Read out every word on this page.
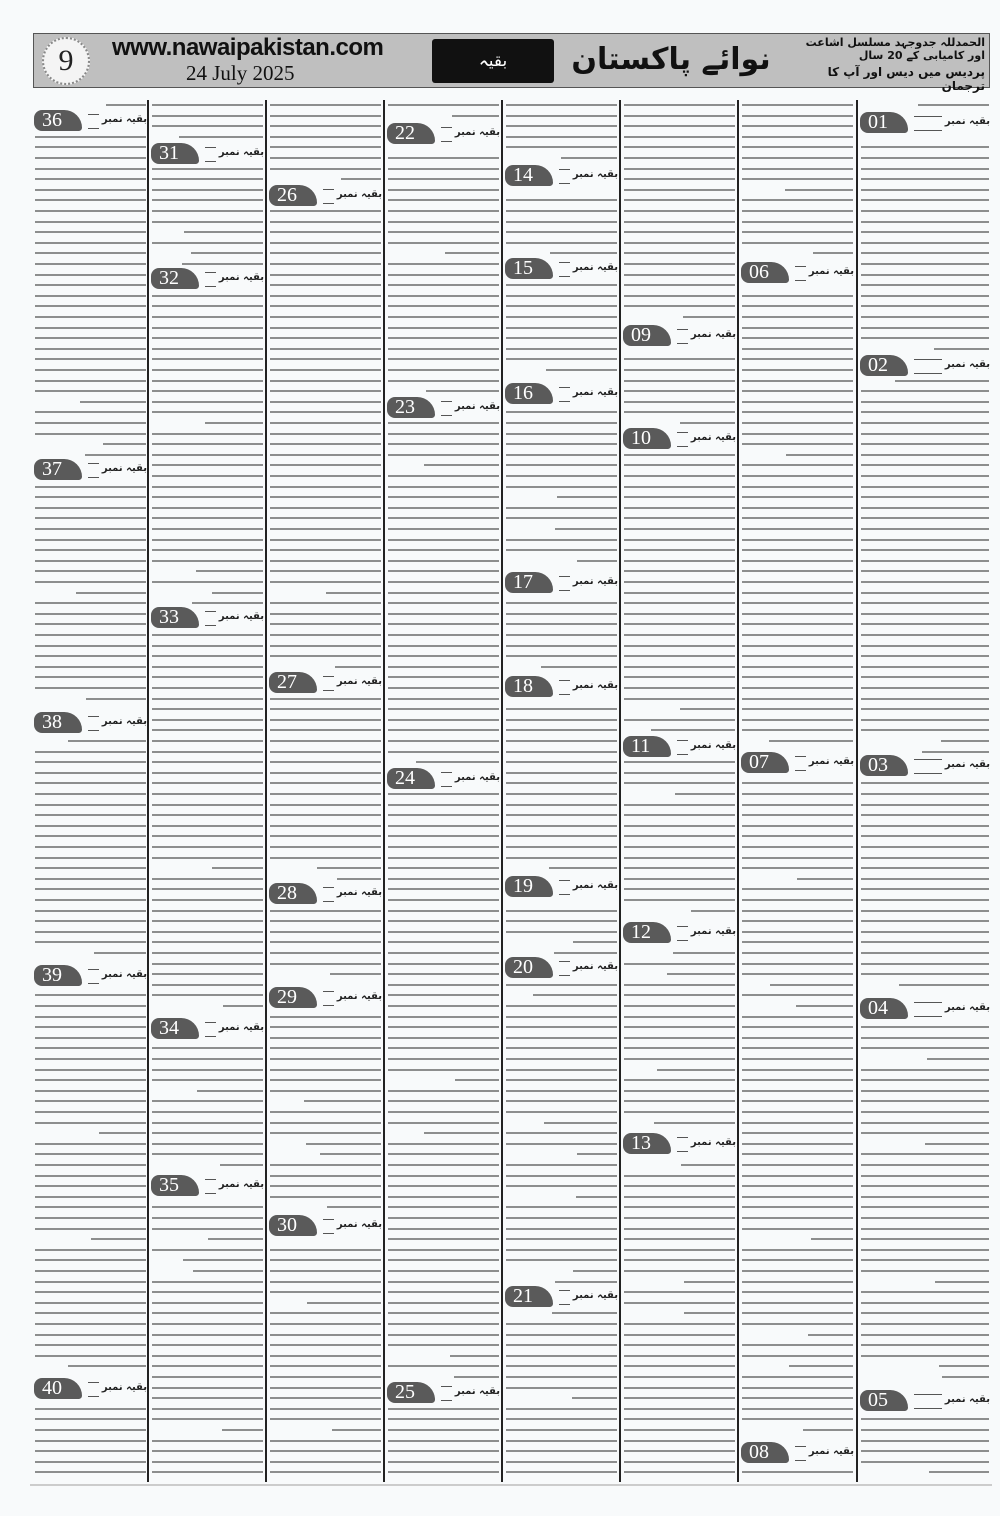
9	www.nawaipakistan.com
24 July 2025	بقیہ	نوائے پاکستان	الحمدللہ جدوجہد مسلسل اشاعت اور کامیابی کے 20 سال
پردیس میں دیس اور آپ کا ترجمان
01	بقیہ نمبر
02	بقیہ نمبر
03	بقیہ نمبر
04	بقیہ نمبر
05	بقیہ نمبر
06	بقیہ نمبر
07	بقیہ نمبر
08	بقیہ نمبر
09	بقیہ نمبر
10	بقیہ نمبر
11	بقیہ نمبر
12	بقیہ نمبر
13	بقیہ نمبر
14	بقیہ نمبر
15	بقیہ نمبر
16	بقیہ نمبر
17	بقیہ نمبر
18	بقیہ نمبر
19	بقیہ نمبر
20	بقیہ نمبر
21	بقیہ نمبر
22	بقیہ نمبر
23	بقیہ نمبر
24	بقیہ نمبر
25	بقیہ نمبر
26	بقیہ نمبر
27	بقیہ نمبر
28	بقیہ نمبر
29	بقیہ نمبر
30	بقیہ نمبر
31	بقیہ نمبر
32	بقیہ نمبر
33	بقیہ نمبر
34	بقیہ نمبر
35	بقیہ نمبر
36	بقیہ نمبر
37	بقیہ نمبر
38	بقیہ نمبر
39	بقیہ نمبر
40	بقیہ نمبر
